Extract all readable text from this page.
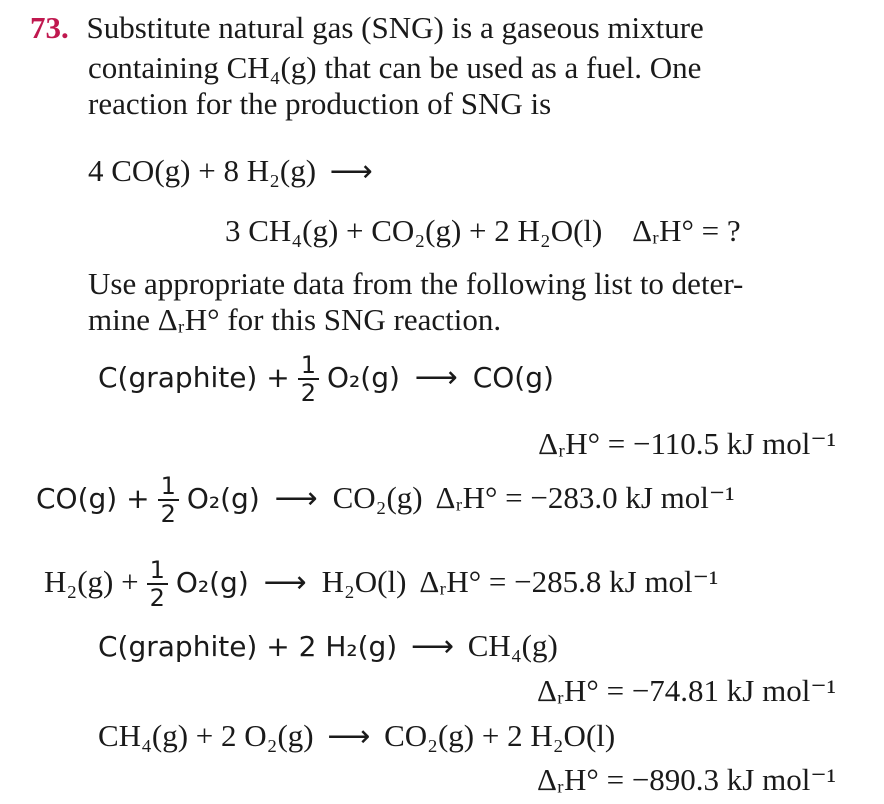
73. Substitute natural gas (SNG) is a gaseous mixture
containing CH₄(g) that can be used as a fuel. One
reaction for the production of SNG is
4 CO(g) + 8 H₂(g) ⟶
3 CH₄(g) + CO₂(g) + 2 H₂O(l) ΔᵣH° = ?
Use appropriate data from the following list to deter-
mine ΔᵣH° for this SNG reaction.
C(graphite) + $\frac{1}{2} O_2(g)$ ⟶ CO(g)
ΔᵣH° = −110.5 kJ mol⁻¹
$CO(g) + \frac{1}{2} O_2(g)$ ⟶ CO₂(g) ΔᵣH° = −283.0 kJ mol⁻¹
$H_2(g) + \frac{1}{2} O_2(g)$ ⟶ H₂O(l) ΔᵣH° = −285.8 kJ mol⁻¹
C(graphite) + 2 H₂(g) ⟶ CH₄(g)
ΔᵣH° = −74.81 kJ mol⁻¹
CH₄(g) + 2 O₂(g) ⟶ CO₂(g) + 2 H₂O(l)
ΔᵣH° = −890.3 kJ mol⁻¹
